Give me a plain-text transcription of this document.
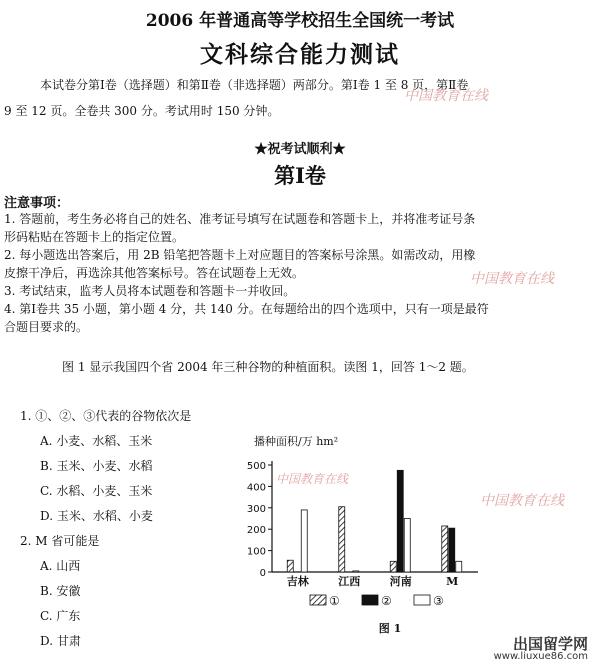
2006 年普通高等学校招生全国统一考试
文科综合能力测试
本试卷分第Ⅰ卷（选择题）和第Ⅱ卷（非选择题）两部分。第Ⅰ卷 1 至 8 页，第Ⅱ卷
9 至 12 页。全卷共 300 分。考试用时 150 分钟。
★祝考试顺利★
第Ⅰ卷
注意事项：
1. 答题前，考生务必将自己的姓名、准考证号填写在试题卷和答题卡上，并将准考证号条
形码粘贴在答题卡上的指定位置。
2. 每小题选出答案后，用 2B 铅笔把答题卡上对应题目的答案标号涂黑。如需改动，用橡
皮擦干净后，再选涂其他答案标号。答在试题卷上无效。
3. 考试结束，监考人员将本试题卷和答题卡一并收回。
4. 第Ⅰ卷共 35 小题，第小题 4 分，共 140 分。在每题给出的四个选项中，只有一项是最符
合题目要求的。
图 1 显示我国四个省 2004 年三种谷物的种植面积。读图 1，回答 1～2 题。
1. ①、②、③代表的谷物依次是
A. 小麦、水稻、玉米
B. 玉米、小麦、水稻
C. 水稻、小麦、玉米
D. 玉米、水稻、小麦
2. M 省可能是
A. 山西
B. 安徽
C. 广东
D. 甘肃
中国教育在线
中国教育在线
中国教育在线
中国教育在线
播种面积/万 hm²
0
100
200
300
400
500
吉林	江西	河南	M
①	②	③
图 1
出国留学网
www.liuxue86.com
